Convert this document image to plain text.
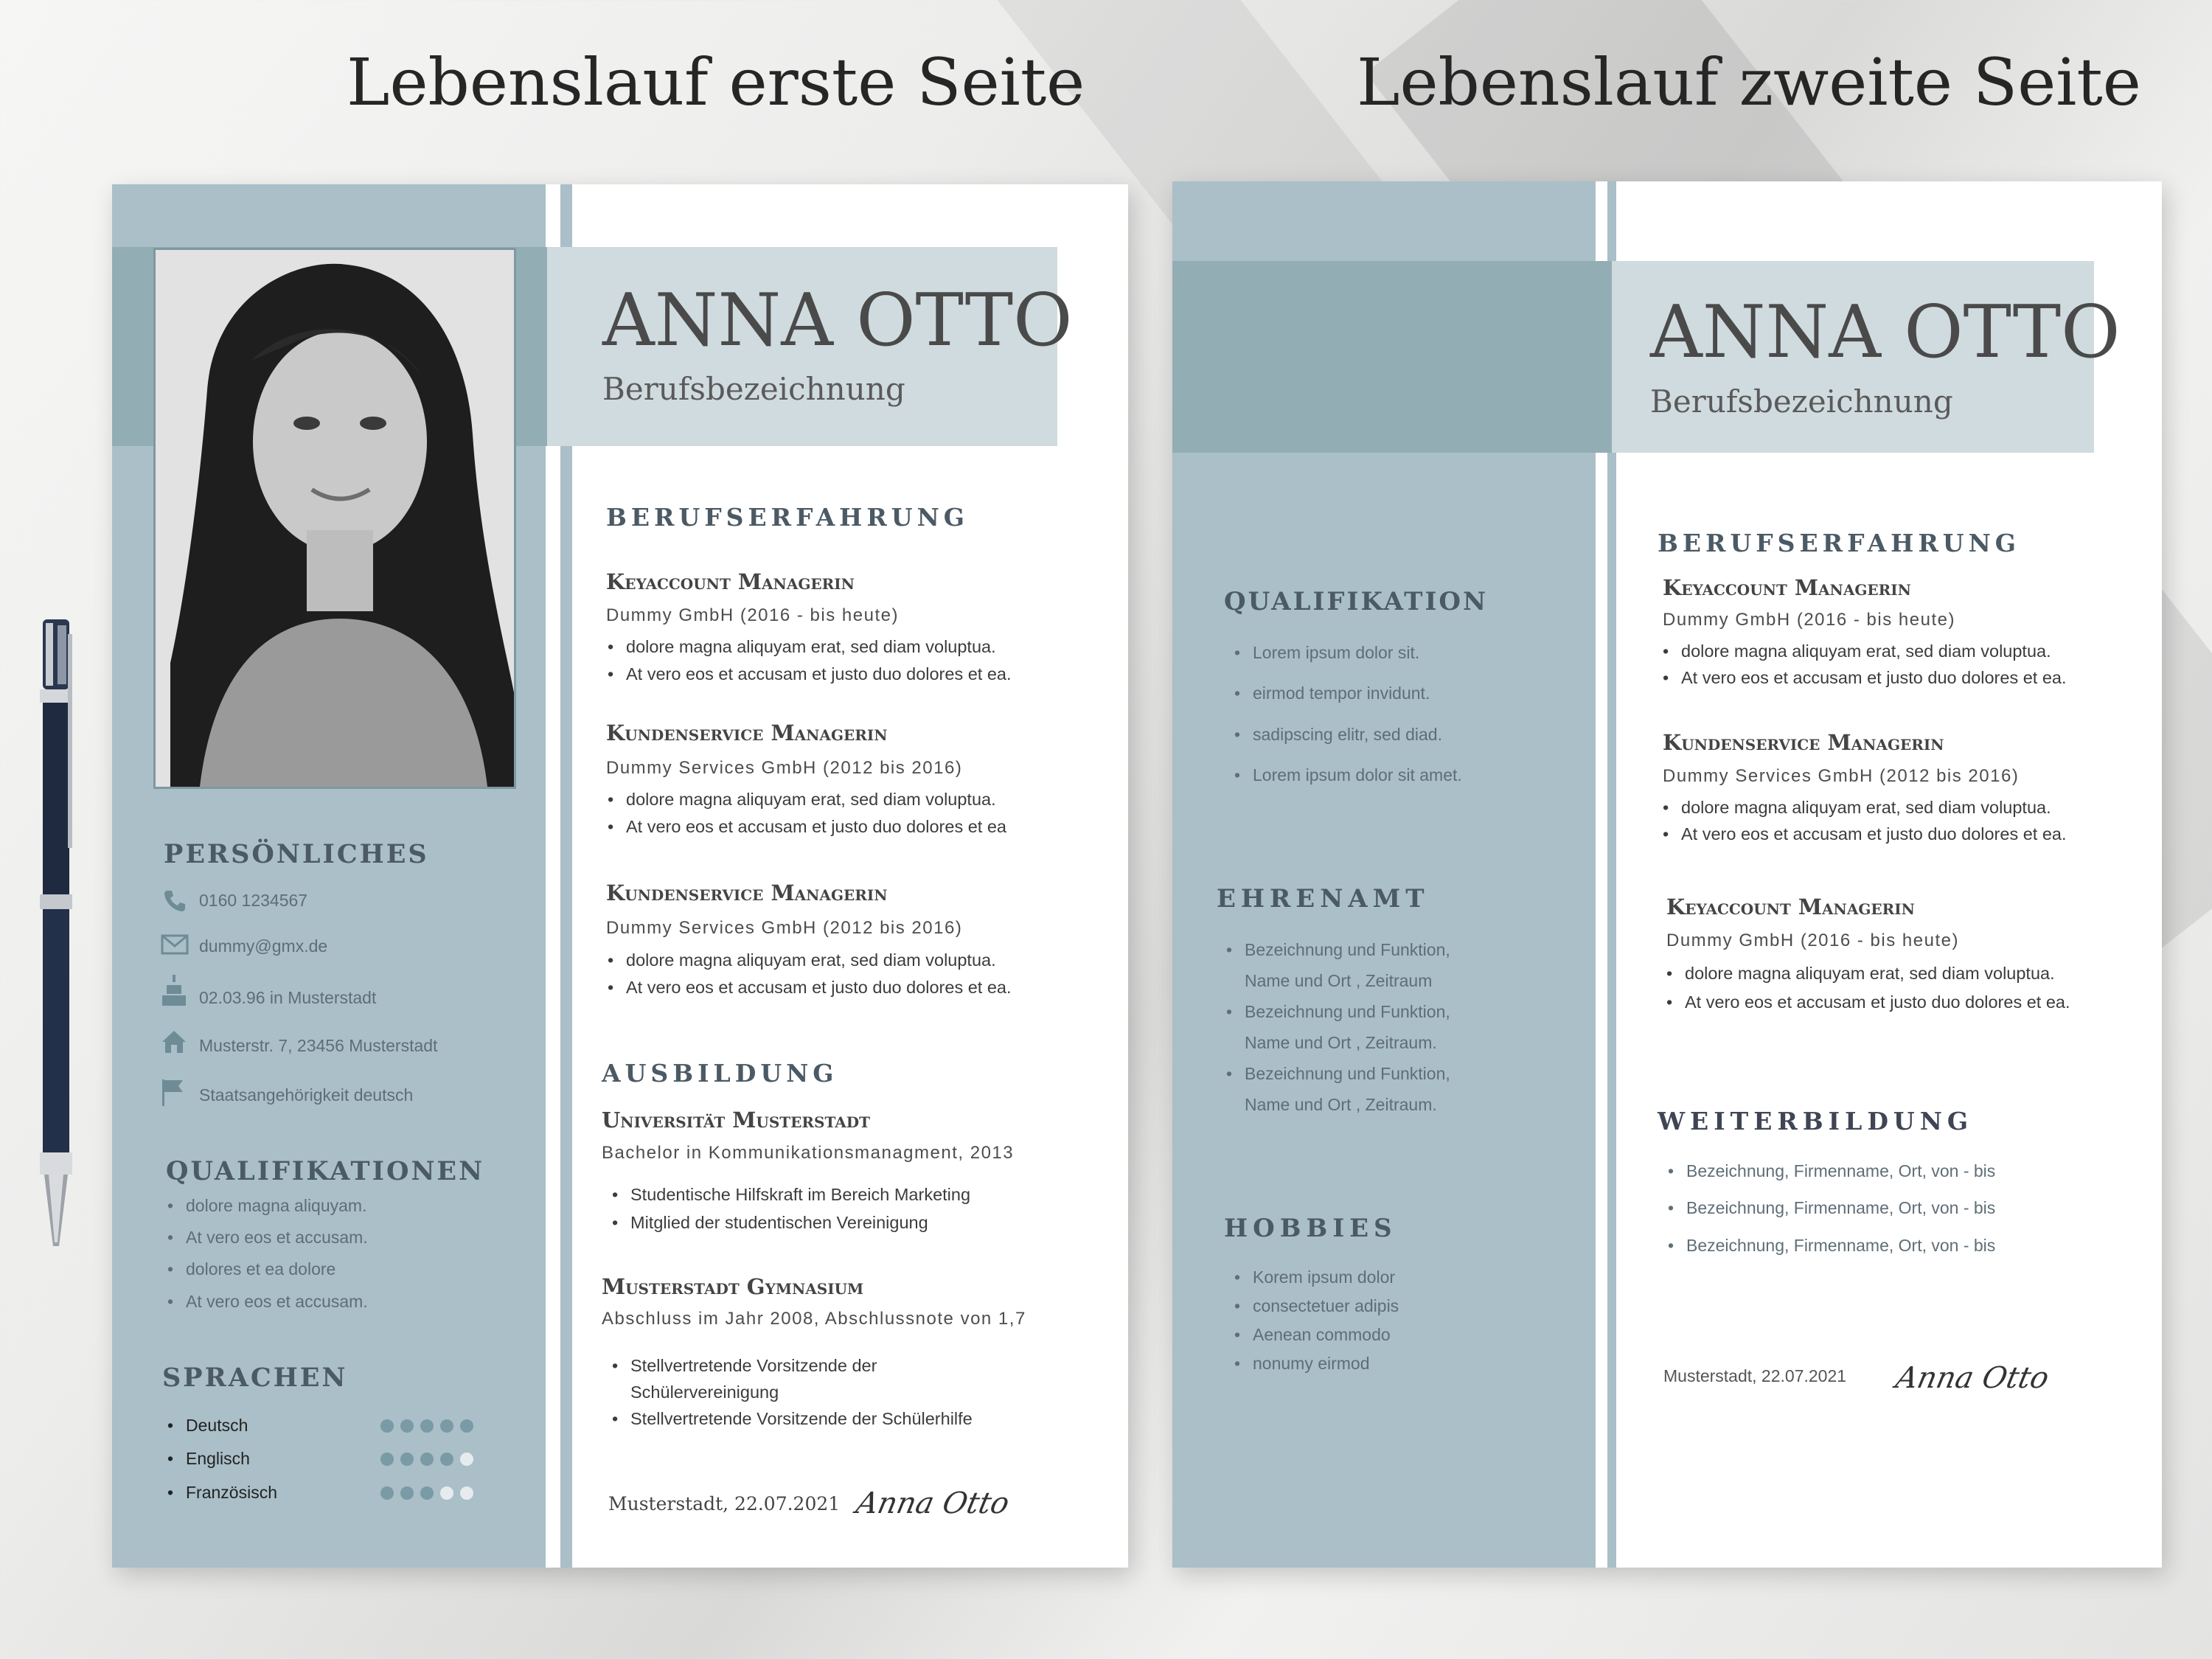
Lebenslauf erste Seite	Lebenslauf zweite Seite
ANNA OTTO
Berufsbezeichnung
BERUFSERFAHRUNG
Keyaccount Managerin
Dummy GmbH (2016 - bis heute)
• dolore magna aliquyam erat, sed diam voluptua.
• At vero eos et accusam et justo duo dolores et ea.
Kundenservice Managerin
Dummy Services GmbH (2012 bis 2016)
• dolore magna aliquyam erat, sed diam voluptua.
• At vero eos et accusam et justo duo dolores et ea
Kundenservice Managerin
Dummy Services GmbH (2012 bis 2016)
• dolore magna aliquyam erat, sed diam voluptua.
• At vero eos et accusam et justo duo dolores et ea.
AUSBILDUNG
Universität Musterstadt
Bachelor in Kommunikationsmanagment, 2013
• Studentische Hilfskraft im Bereich Marketing
• Mitglied der studentischen Vereinigung
Musterstadt Gymnasium
Abschluss im Jahr 2008, Abschlussnote von 1,7
• Stellvertretende Vorsitzende der
Schülervereinigung
• Stellvertretende Vorsitzende der Schülerhilfe
Musterstadt, 22.07.2021 Anna Otto
PERSÖNLICHES
0160 1234567
dummy@gmx.de
02.03.96 in Musterstadt
Musterstr. 7, 23456 Musterstadt
Staatsangehörigkeit deutsch
QUALIFIKATIONEN
• dolore magna aliquyam.
• At vero eos et accusam.
• dolores et ea dolore
• At vero eos et accusam.
SPRACHEN
• Deutsch
• Englisch
• Französisch
ANNA OTTO
Berufsbezeichnung
QUALIFIKATION
• Lorem ipsum dolor sit.
• eirmod tempor invidunt.
• sadipscing elitr, sed diad.
• Lorem ipsum dolor sit amet.
EHRENAMT
• Bezeichnung und Funktion,
Name und Ort , Zeitraum
• Bezeichnung und Funktion,
Name und Ort , Zeitraum.
• Bezeichnung und Funktion,
Name und Ort , Zeitraum.
HOBBIES
• Korem ipsum dolor
• consectetuer adipis
• Aenean commodo
• nonumy eirmod
BERUFSERFAHRUNG
Keyaccount Managerin
Dummy GmbH (2016 - bis heute)
• dolore magna aliquyam erat, sed diam voluptua.
• At vero eos et accusam et justo duo dolores et ea.
Kundenservice Managerin
Dummy Services GmbH (2012 bis 2016)
• dolore magna aliquyam erat, sed diam voluptua.
• At vero eos et accusam et justo duo dolores et ea.
Keyaccount Managerin
Dummy GmbH (2016 - bis heute)
• dolore magna aliquyam erat, sed diam voluptua.
• At vero eos et accusam et justo duo dolores et ea.
WEITERBILDUNG
• Bezeichnung, Firmenname, Ort, von - bis
• Bezeichnung, Firmenname, Ort, von - bis
• Bezeichnung, Firmenname, Ort, von - bis
Musterstadt, 22.07.2021 Anna Otto
